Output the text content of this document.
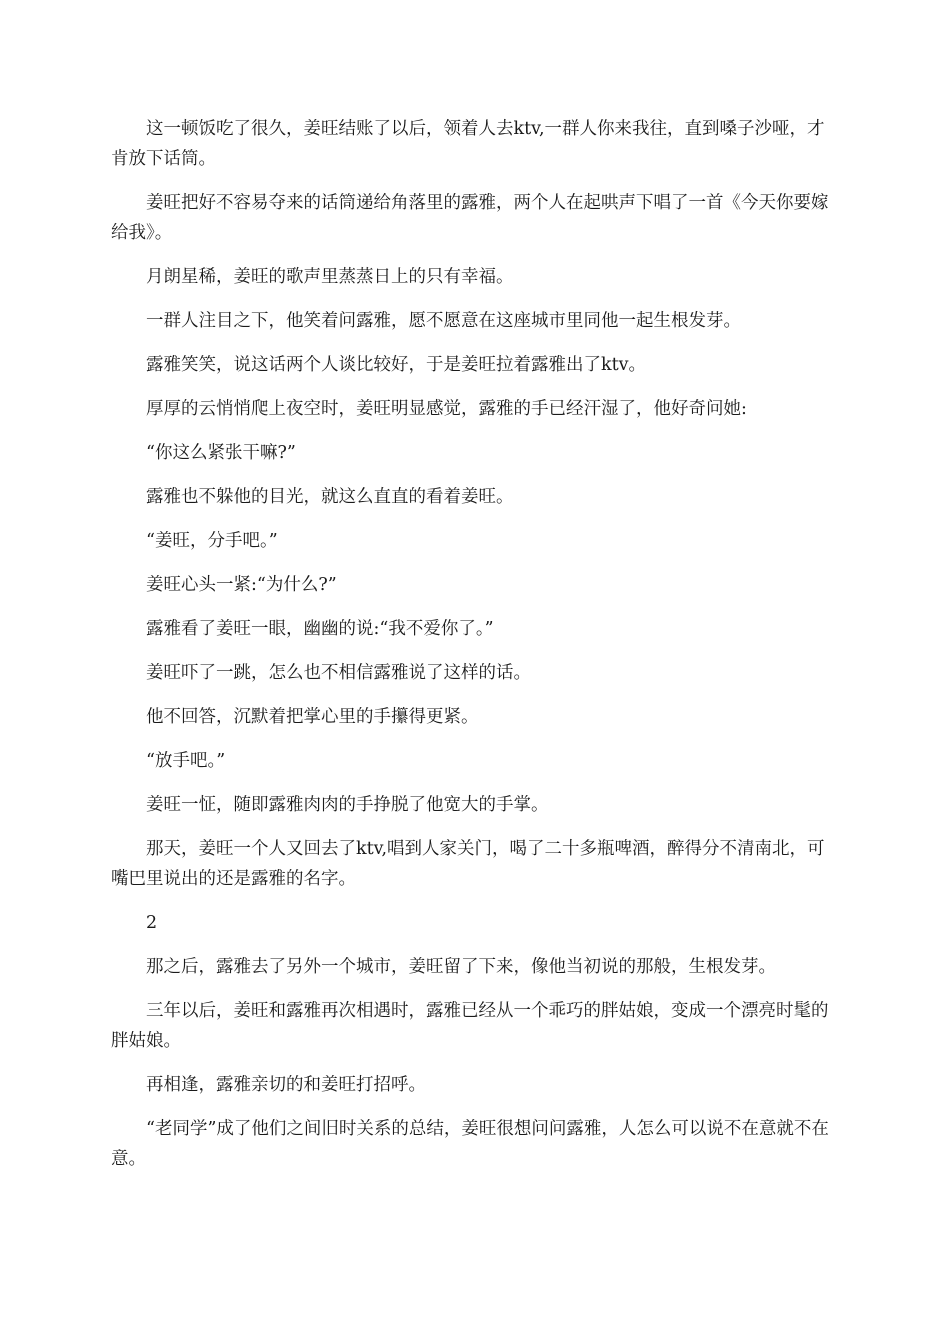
这一顿饭吃了很久，姜旺结账了以后，领着人去ktv,一群人你来我往，直到嗓子沙哑，才肯放下话筒。

姜旺把好不容易夺来的话筒递给角落里的露雅，两个人在起哄声下唱了一首《今天你要嫁给我》。

月朗星稀，姜旺的歌声里蒸蒸日上的只有幸福。

一群人注目之下，他笑着问露雅，愿不愿意在这座城市里同他一起生根发芽。

露雅笑笑，说这话两个人谈比较好，于是姜旺拉着露雅出了ktv。

厚厚的云悄悄爬上夜空时，姜旺明显感觉，露雅的手已经汗湿了，他好奇问她:

“你这么紧张干嘛?”

露雅也不躲他的目光，就这么直直的看着姜旺。

“姜旺，分手吧。”

姜旺心头一紧:“为什么?”

露雅看了姜旺一眼，幽幽的说:“我不爱你了。”

姜旺吓了一跳，怎么也不相信露雅说了这样的话。

他不回答，沉默着把掌心里的手攥得更紧。

“放手吧。”

姜旺一怔，随即露雅肉肉的手挣脱了他宽大的手掌。

那天，姜旺一个人又回去了ktv,唱到人家关门，喝了二十多瓶啤酒，醉得分不清南北，可嘴巴里说出的还是露雅的名字。

2

那之后，露雅去了另外一个城市，姜旺留了下来，像他当初说的那般，生根发芽。

三年以后，姜旺和露雅再次相遇时，露雅已经从一个乖巧的胖姑娘，变成一个漂亮时髦的胖姑娘。

再相逢，露雅亲切的和姜旺打招呼。

“老同学”成了他们之间旧时关系的总结，姜旺很想问问露雅，人怎么可以说不在意就不在意。
